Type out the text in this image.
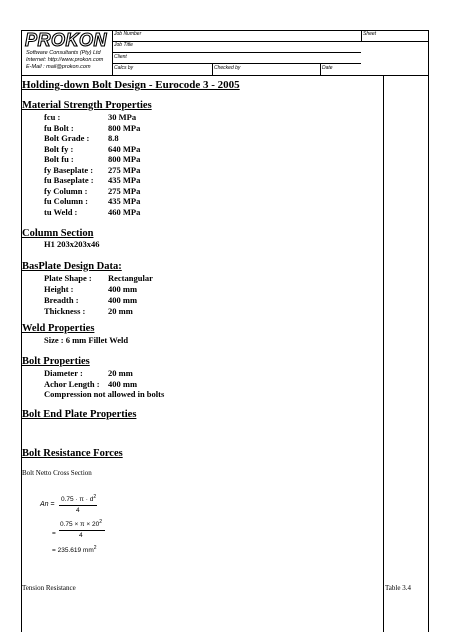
Job Number	Sheet
Job Title
Client
Calcs by	Checked by	Date
PROKON
Software Consultants (Pty) Ltd
Internet: http://www.prokon.com
E-Mail : mail@prokon.com
Holding-down Bolt Design - Eurocode 3 - 2005
Material Strength Properties
fcu :	30 MPa
fu Bolt :	800 MPa
Bolt Grade : 8.8
Bolt fy :	640 MPa
Bolt fu :	800 MPa
fy Baseplate : 275 MPa
fu Baseplate : 435 MPa
fy Column : 275 MPa
fu Column : 435 MPa
tu Weld :	460 MPa
Column Section
H1 203x203x46
BasPlate Design Data:
Plate Shape : Rectangular
Height :	400 mm
Breadth :	400 mm
Thickness :	20 mm
Weld Properties
Size : 6 mm Fillet Weld
Bolt Properties
Diameter :	20 mm
Achor Length : 400 mm
Compression not allowed in bolts
Bolt End Plate Properties
Bolt Resistance Forces
Bolt Netto Cross Section
An =
$0.75 \cdot \pi \cdot d^2$
4
=
$0.75 \times \pi \times 20^2$
4
= 235.619 $mm^2$
Tension Resistance	Table 3.4
